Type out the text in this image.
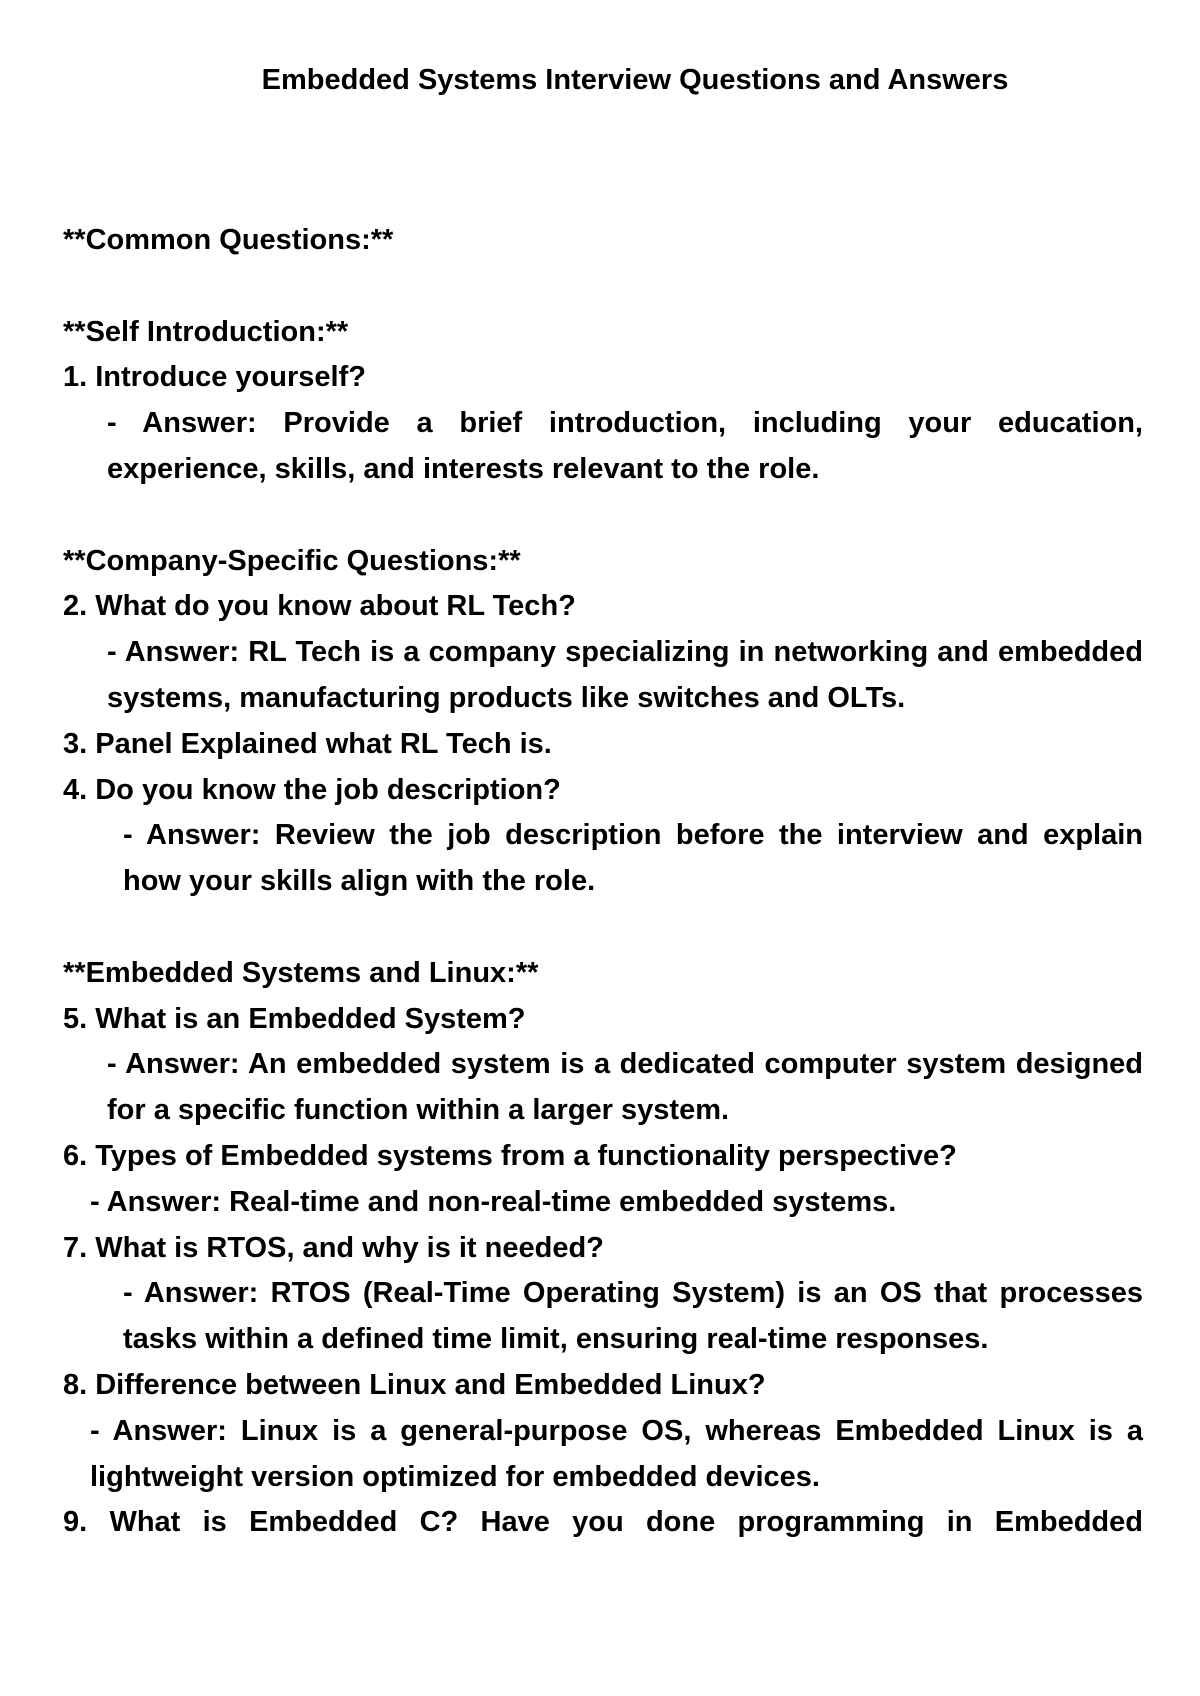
Embedded Systems Interview Questions and Answers
**Common Questions:**
**Self Introduction:**
1. Introduce yourself?
- Answer: Provide a brief introduction, including your education, experience, skills, and interests relevant to the role.
**Company-Specific Questions:**
2. What do you know about RL Tech?
- Answer: RL Tech is a company specializing in networking and embedded systems, manufacturing products like switches and OLTs.
3. Panel Explained what RL Tech is.
4. Do you know the job description?
- Answer: Review the job description before the interview and explain how your skills align with the role.
**Embedded Systems and Linux:**
5. What is an Embedded System?
- Answer: An embedded system is a dedicated computer system designed for a specific function within a larger system.
6. Types of Embedded systems from a functionality perspective?
- Answer: Real-time and non-real-time embedded systems.
7. What is RTOS, and why is it needed?
- Answer: RTOS (Real-Time Operating System) is an OS that processes tasks within a defined time limit, ensuring real-time responses.
8. Difference between Linux and Embedded Linux?
- Answer: Linux is a general-purpose OS, whereas Embedded Linux is a lightweight version optimized for embedded devices.
9. What is Embedded C? Have you done programming in Embedded
